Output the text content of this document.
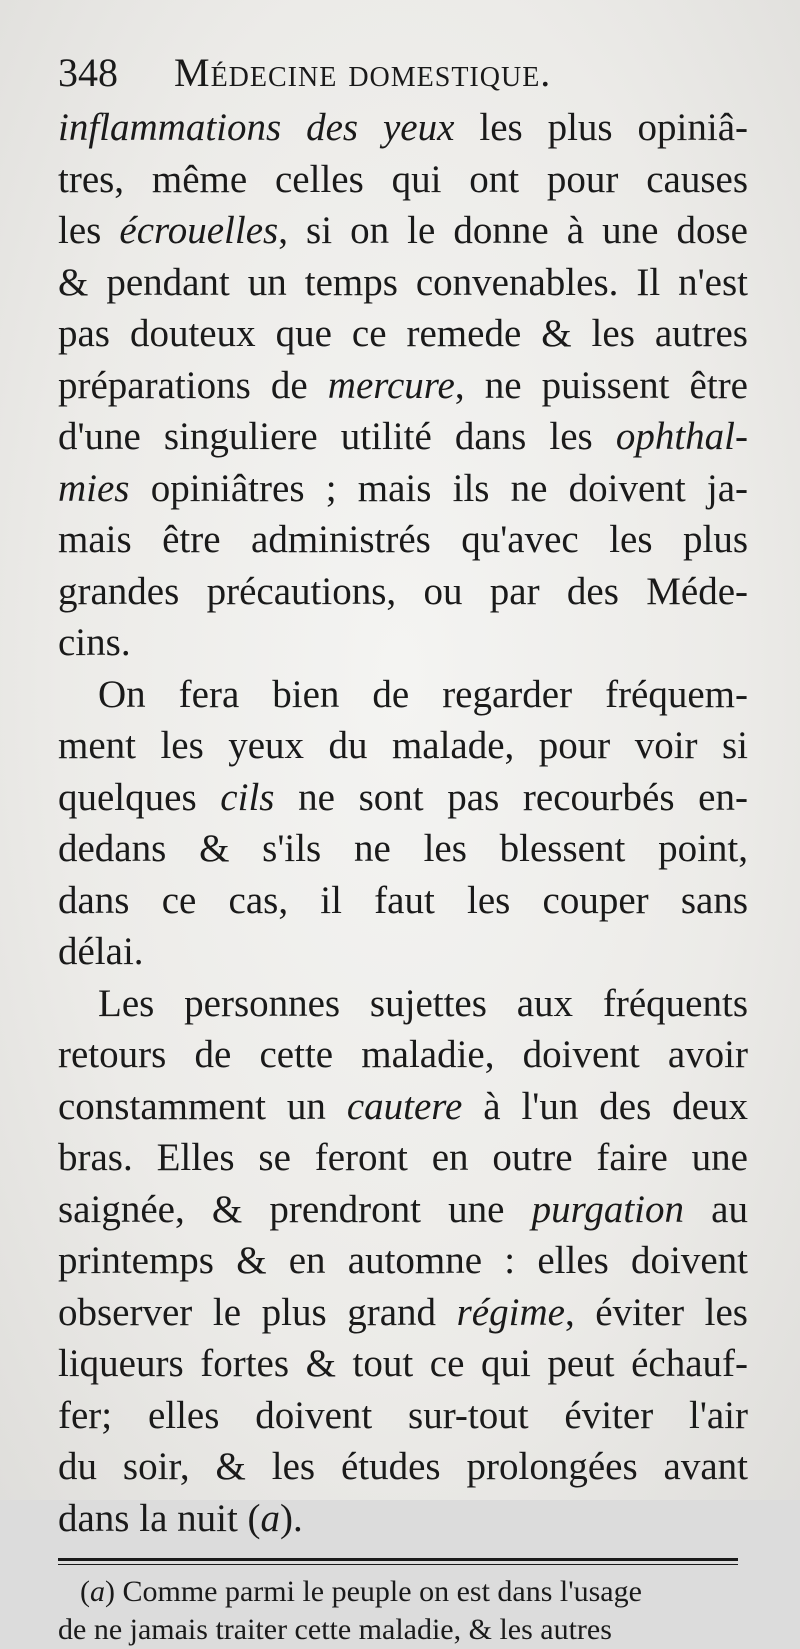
348 Médecine domestique.
inflammations des yeux les plus opiniâ-
tres, même celles qui ont pour causes
les écrouelles, si on le donne à une dose
& pendant un temps convenables. Il n'est
pas douteux que ce remede & les autres
préparations de mercure, ne puissent être
d'une singuliere utilité dans les ophthal-
mies opiniâtres ; mais ils ne doivent ja-
mais être administrés qu'avec les plus
grandes précautions, ou par des Méde-
cins.
On fera bien de regarder fréquem-
ment les yeux du malade, pour voir si
quelques cils ne sont pas recourbés en-
dedans & s'ils ne les blessent point,
dans ce cas, il faut les couper sans
délai.
Les personnes sujettes aux fréquents
retours de cette maladie, doivent avoir
constamment un cautere à l'un des deux
bras. Elles se feront en outre faire une
saignée, & prendront une purgation au
printemps & en automne : elles doivent
observer le plus grand régime, éviter les
liqueurs fortes & tout ce qui peut échauf-
fer; elles doivent sur-tout éviter l'air
du soir, & les études prolongées avant
dans la nuit (a).
(a) Comme parmi le peuple on est dans l'usage
de ne jamais traiter cette maladie, & les autres
